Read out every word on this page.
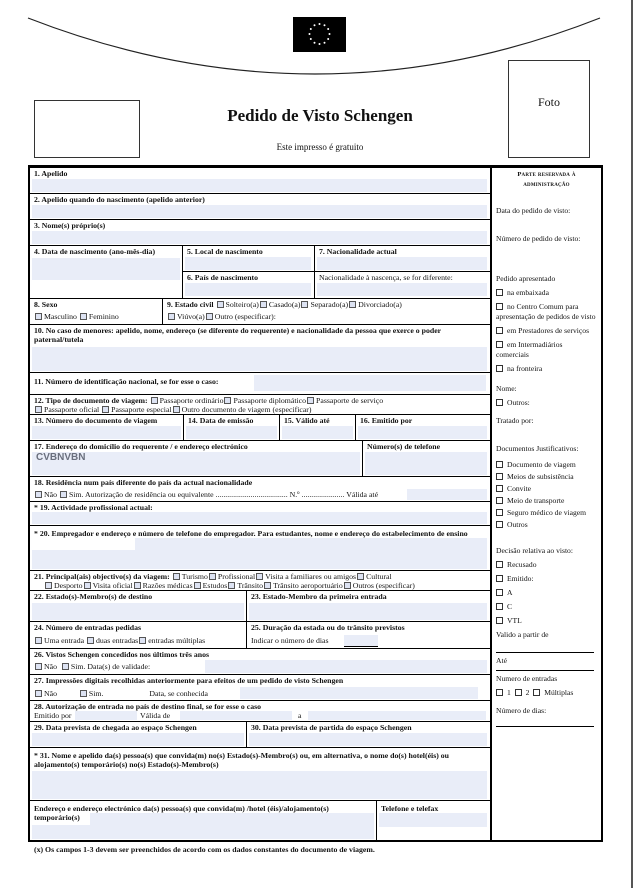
Foto
Pedido de Visto Schengen
Este impresso é gratuito
1. Apelido
2. Apelido quando do nascimento (apelido anterior)
3. Nome(s) próprio(s)
4. Data de nascimento (ano-mês-dia)	5. Local de nascimento
6. País de nascimento
7. Nacionalidade actual
Nacionalidade à nascença, se for diferente:
8. Sexo
Masculino Feminino
9. Estado civil Solteiro(a) Casado(a) Separado(a) Divorciado(a)
Viúvo(a) Outro (especificar):
10. No caso de menores: apelido, nome, endereço (se diferente do requerente) e nacionalidade da pessoa que exerce o poder paternal/tutela
11. Número de identificação nacional, se for esse o caso:
12. Tipo de documento de viagem: Passaporte ordinário Passaporte diplomático Passaporte de serviço
Passaporte oficial Passaporte especial Outro documento de viagem (especificar)
13. Número do documento de viagem	14. Data de emissão	15. Válido até	16. Emitido por
17. Endereço do domicílio do requerente / e endereço electrónico
CVBNVBN
Número(s) de telefone
18. Residência num país diferente do país da actual nacionalidade
Não Sim. Autorização de residência ou equivalente ..................................... N.º ...................... Válida até
* 19. Actividade profissional actual:
* 20. Empregador e endereço e número de telefone do empregador. Para estudantes, nome e endereço do estabelecimento de ensino
21. Principal(ais) objectivo(s) da viagem: Turismo Profissional Visita a familiares ou amigos Cultural
Desporto Visita oficial Razões médicas Estudos Trânsito Trânsito aeroportuário Outros (especificar)
22. Estado(s)-Membro(s) de destino	23. Estado-Membro da primeira entrada
24. Número de entradas pedidas
Uma entrada duas entradas entradas múltiplas
25. Duração da estada ou do trânsito previstos
Indicar o número de dias
26. Vistos Schengen concedidos nos últimos três anos
Não Sim. Data(s) de validade:
27. Impressões digitais recolhidas anteriormente para efeitos de um pedido de visto Schengen
Não	Sim.	Data, se conhecida
28. Autorização de entrada no país de destino final, se for esse o caso
Emitido por	Válida de	a
29. Data prevista de chegada ao espaço Schengen	30. Data prevista de partida do espaço Schengen
* 31. Nome e apelido da(s) pessoa(s) que convida(m) no(s) Estado(s)-Membro(s) ou, em alternativa, o nome do(s) hotel(éis) ou alojamento(s) temporário(s) no(s) Estado(s)-Membro(s)
Endereço e endereço electrónico da(s) pessoa(s) que convida(m) /hotel (éis)/alojamento(s) temporário(s)
Telefone e telefax
Parte reservada à
administração
Data do pedido de visto:
Número de pedido de visto:
Pedido apresentado
na embaixada
no Centro Comum para apresentação de pedidos de visto
em Prestadores de serviços
em Intermadiários comerciais
na fronteira
Nome:
Outros:
Tratado por:
Documentos Justificativos:
Documento de viagem
Meios de subsistência
Convite
Meio de transporte
Seguro médico de viagem
Outros
Decisão relativa ao visto:
Recusado
Emitido:
A
C
VTL
Valido a partir de
Até
Numero de entradas
1 2 Múltiplas
Número de dias:
(x) Os campos 1-3 devem ser preenchidos de acordo com os dados constantes do documento de viagem.
